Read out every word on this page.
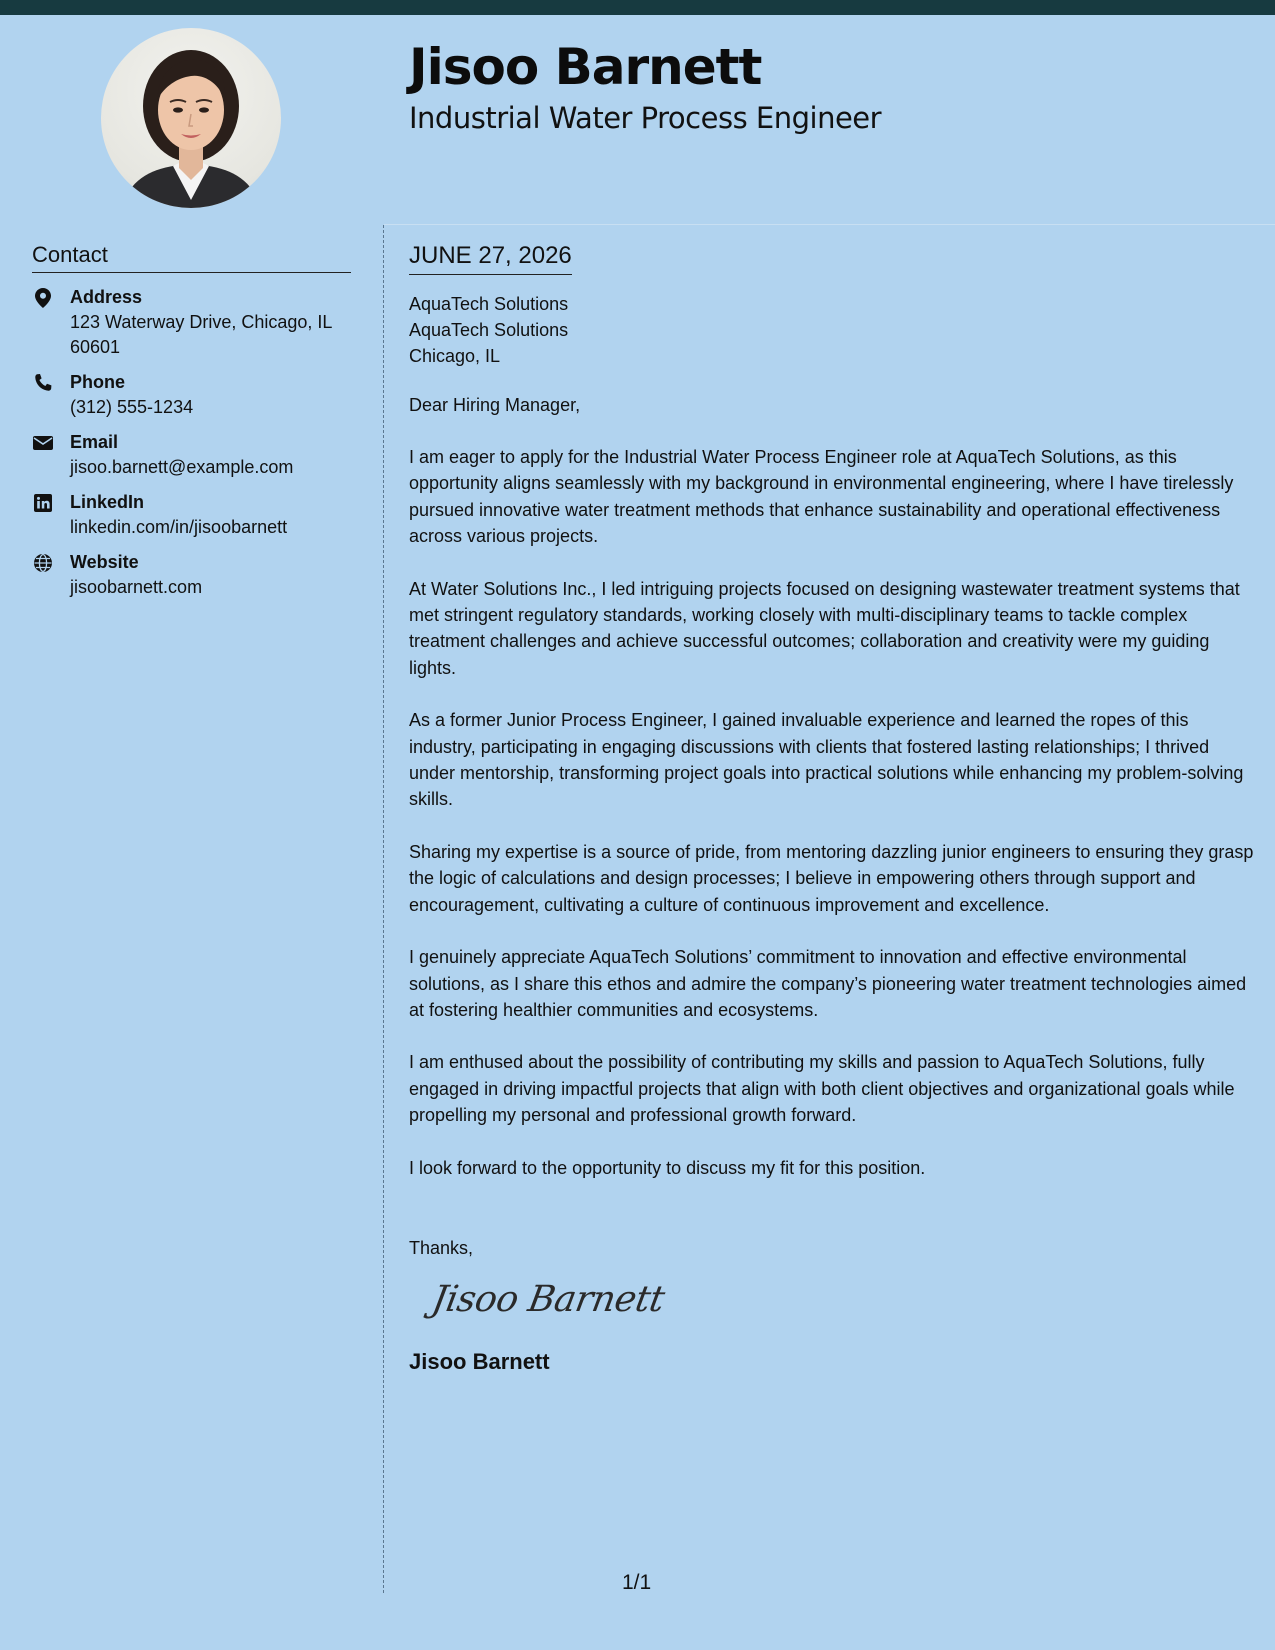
Jisoo Barnett
Industrial Water Process Engineer
Contact
Address
123 Waterway Drive, Chicago, IL 60601
Phone
(312) 555-1234
Email
jisoo.barnett@example.com
LinkedIn
linkedin.com/in/jisoobarnett
Website
jisoobarnett.com
JUNE 27, 2026
AquaTech Solutions
AquaTech Solutions
Chicago, IL
Dear Hiring Manager,

I am eager to apply for the Industrial Water Process Engineer role at AquaTech Solutions, as this opportunity aligns seamlessly with my background in environmental engineering, where I have tirelessly pursued innovative water treatment methods that enhance sustainability and operational effectiveness across various projects.

At Water Solutions Inc., I led intriguing projects focused on designing wastewater treatment systems that met stringent regulatory standards, working closely with multi-disciplinary teams to tackle complex treatment challenges and achieve successful outcomes; collaboration and creativity were my guiding lights.

As a former Junior Process Engineer, I gained invaluable experience and learned the ropes of this industry, participating in engaging discussions with clients that fostered lasting relationships; I thrived under mentorship, transforming project goals into practical solutions while enhancing my problem-solving skills.

Sharing my expertise is a source of pride, from mentoring dazzling junior engineers to ensuring they grasp the logic of calculations and design processes; I believe in empowering others through support and encouragement, cultivating a culture of continuous improvement and excellence.

I genuinely appreciate AquaTech Solutions’ commitment to innovation and effective environmental solutions, as I share this ethos and admire the company’s pioneering water treatment technologies aimed at fostering healthier communities and ecosystems.

I am enthused about the possibility of contributing my skills and passion to AquaTech Solutions, fully engaged in driving impactful projects that align with both client objectives and organizational goals while propelling my personal and professional growth forward.

I look forward to the opportunity to discuss my fit for this position.

Thanks,
Jisoo Barnett
Jisoo Barnett
1/1
